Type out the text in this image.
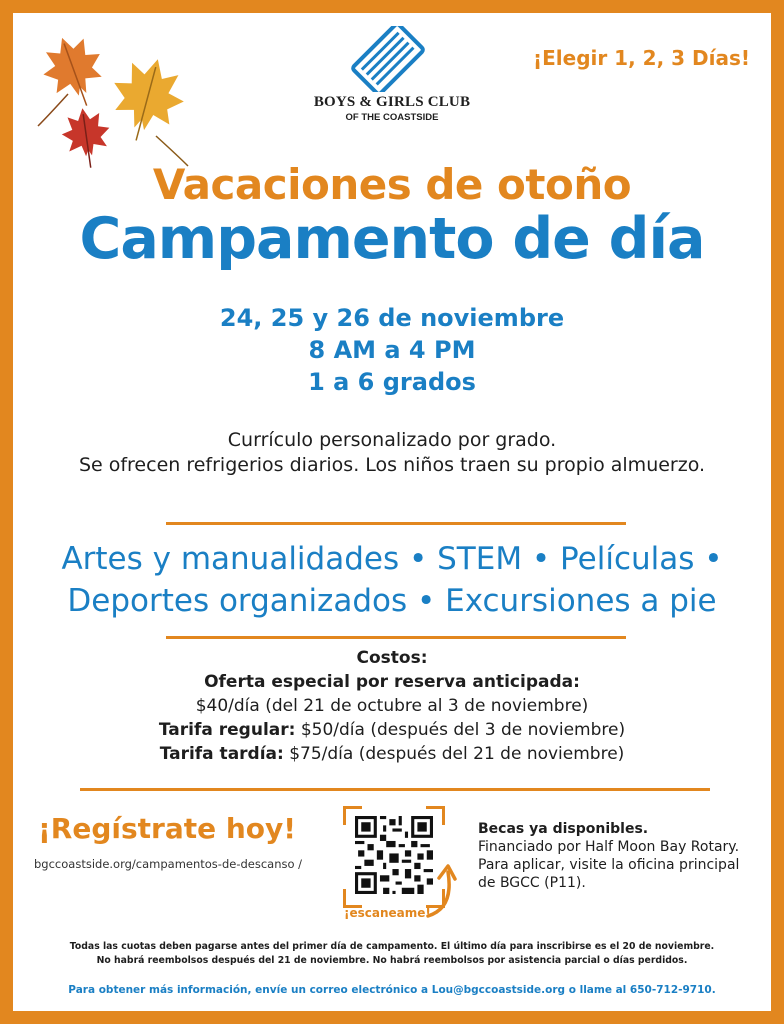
BOYS & GIRLS CLUB
OF THE COASTSIDE
¡Elegir 1, 2, 3 Días!
Vacaciones de otoño
Campamento de día
24, 25 y 26 de noviembre
8 AM a 4 PM
1 a 6 grados
Currículo personalizado por grado.
Se ofrecen refrigerios diarios. Los niños traen su propio almuerzo.
Artes y manualidades • STEM • Películas •
Deportes organizados • Excursiones a pie
Costos:
Oferta especial por reserva anticipada:
$40/día (del 21 de octubre al 3 de noviembre)
Tarifa regular: $50/día (después del 3 de noviembre)
Tarifa tardía: $75/día (después del 21 de noviembre)
¡Regístrate hoy!
bgccoastside.org/campamentos-de-descanso /
¡escaneame!
Becas ya disponibles.
Financiado por Half Moon Bay Rotary.
Para aplicar, visite la oficina principal
de BGCC (P11).
Todas las cuotas deben pagarse antes del primer día de campamento. El último día para inscribirse es el 20 de noviembre.
No habrá reembolsos después del 21 de noviembre. No habrá reembolsos por asistencia parcial o días perdidos.
Para obtener más información, envíe un correo electrónico a Lou@bgccoastside.org o llame al 650-712-9710.
